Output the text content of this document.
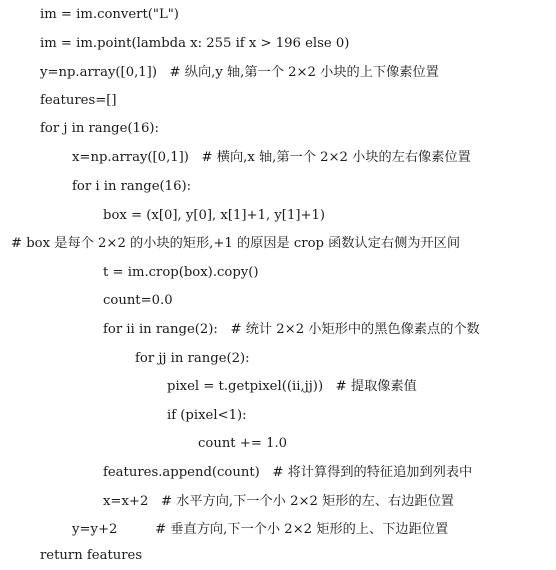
im = im.convert("L")
im = im.point(lambda x: 255 if x > 196 else 0)
y=np.array([0,1])   # 纵向,y 轴,第一个 2×2 小块的上下像素位置
features=[]
for j in range(16):
x=np.array([0,1])   # 横向,x 轴,第一个 2×2 小块的左右像素位置
for i in range(16):
box = (x[0], y[0], x[1]+1, y[1]+1)
# box 是每个 2×2 的小块的矩形,+1 的原因是 crop 函数认定右侧为开区间
t = im.crop(box).copy()
count=0.0
for ii in range(2):   # 统计 2×2 小矩形中的黑色像素点的个数
for jj in range(2):
pixel = t.getpixel((ii,jj))   # 提取像素值
if (pixel<1):
count += 1.0
features.append(count)   # 将计算得到的特征追加到列表中
x=x+2   # 水平方向,下一个小 2×2 矩形的左、右边距位置
y=y+2         # 垂直方向,下一个小 2×2 矩形的上、下边距位置
return features
